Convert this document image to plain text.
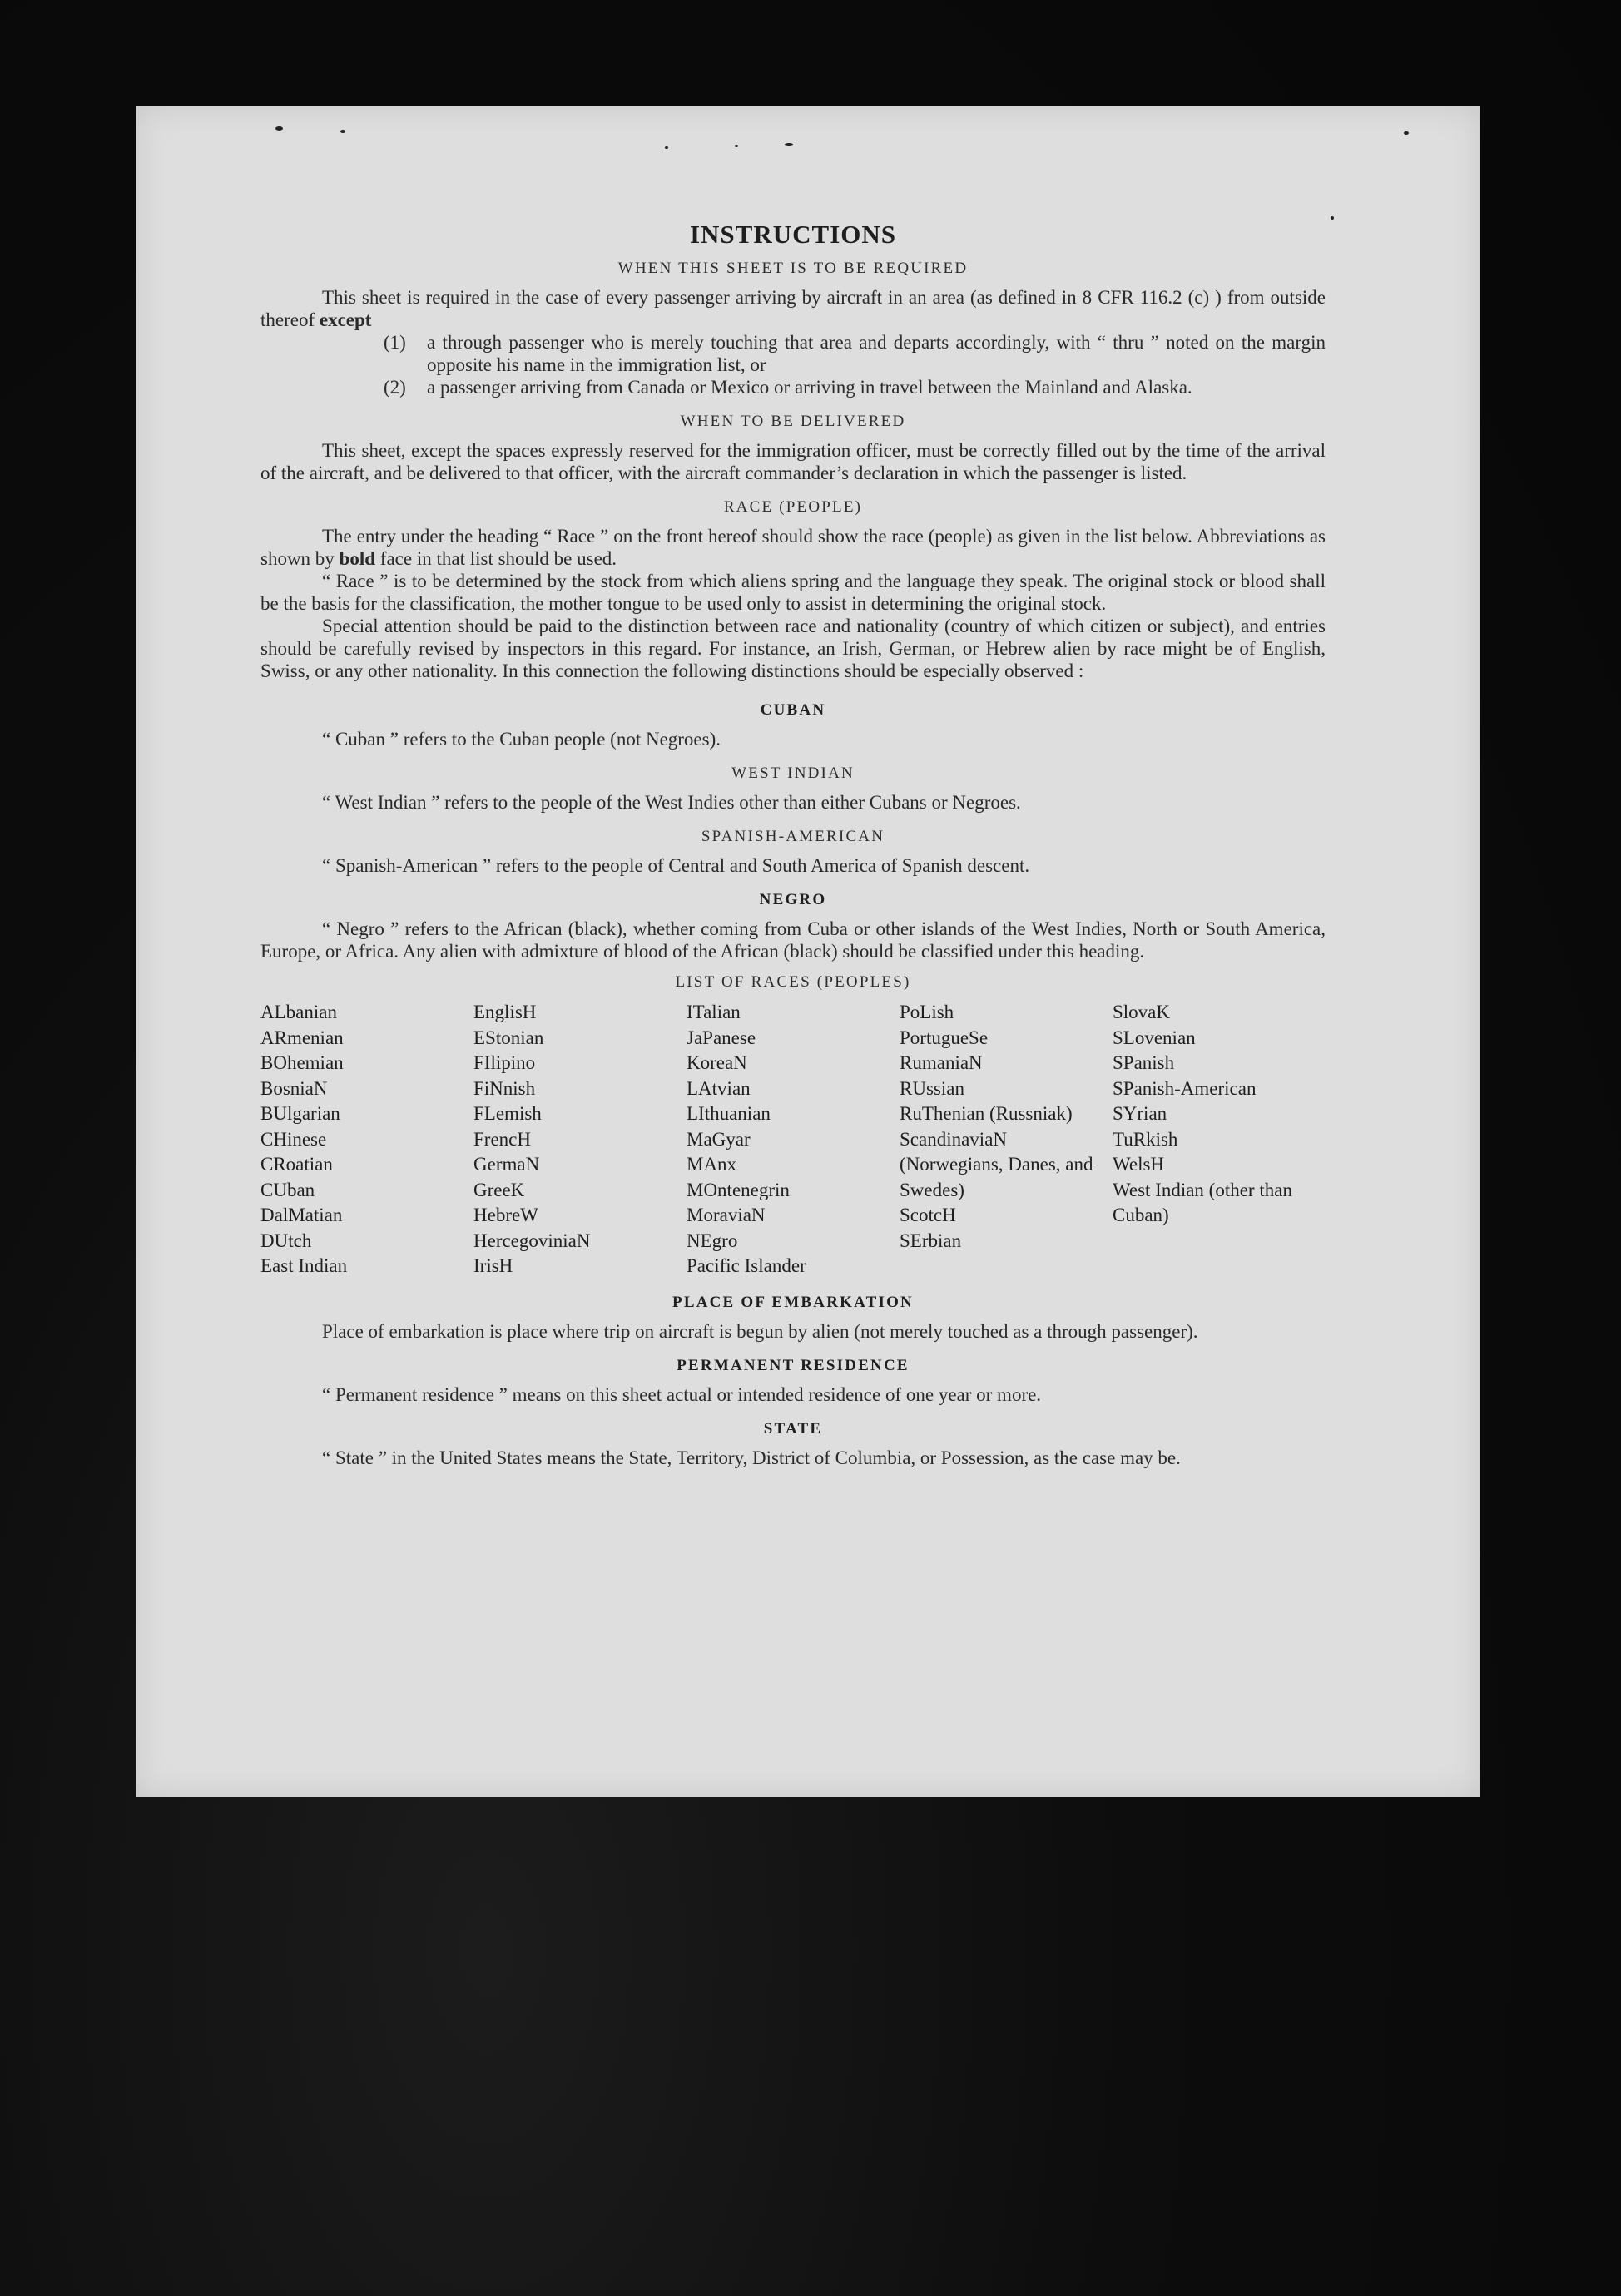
INSTRUCTIONS
WHEN THIS SHEET IS TO BE REQUIRED

This sheet is required in the case of every passenger arriving by aircraft in an area (as defined in 8 CFR 116.2 (c) ) from outside thereof except

(1) a through passenger who is merely touching that area and departs accordingly, with “ thru ” noted on the margin opposite his name in the immigration list, or
(2) a passenger arriving from Canada or Mexico or arriving in travel between the Mainland and Alaska.
WHEN TO BE DELIVERED

This sheet, except the spaces expressly reserved for the immigration officer, must be correctly filled out by the time of the arrival of the aircraft, and be delivered to that officer, with the aircraft commander’s declaration in which the passenger is listed.

RACE (PEOPLE)

The entry under the heading “ Race ” on the front hereof should show the race (people) as given in the list below. Abbreviations as shown by bold face in that list should be used.

“ Race ” is to be determined by the stock from which aliens spring and the language they speak. The original stock or blood shall be the basis for the classification, the mother tongue to be used only to assist in determining the original stock.

Special attention should be paid to the distinction between race and nationality (country of which citizen or subject), and entries should be carefully revised by inspectors in this regard. For instance, an Irish, German, or Hebrew alien by race might be of English, Swiss, or any other nationality. In this connection the following distinctions should be especially observed :

CUBAN

“ Cuban ” refers to the Cuban people (not Negroes).

WEST INDIAN

“ West Indian ” refers to the people of the West Indies other than either Cubans or Negroes.

SPANISH-AMERICAN

“ Spanish-American ” refers to the people of Central and South America of Spanish descent.

NEGRO

“ Negro ” refers to the African (black), whether coming from Cuba or other islands of the West Indies, North or South America, Europe, or Africa. Any alien with admixture of blood of the African (black) should be classified under this heading.

LIST OF RACES (PEOPLES)
ALbanian
ARmenian
BOhemian
BosniaN
BUlgarian
CHinese
CRoatian
CUban
DalMatian
DUtch
East Indian
EnglisH
EStonian
FIlipino
FiNnish
FLemish
FrencH
GermaN
GreeK
HebreW
HercegoviniaN
IrisH
ITalian
JaPanese
KoreaN
LAtvian
LIthuanian
MaGyar
MAnx
MOntenegrin
MoraviaN
NEgro
Pacific Islander
PoLish
PortugueSe
RumaniaN
RUssian
RuThenian (Russniak)
ScandinaviaN (Norwegians, Danes, and Swedes)
ScotcH
SErbian
SlovaK
SLovenian
SPanish
SPanish-American
SYrian
TuRkish
WelsH
West Indian (other than Cuban)
PLACE OF EMBARKATION

Place of embarkation is place where trip on aircraft is begun by alien (not merely touched as a through passenger).

PERMANENT RESIDENCE

“ Permanent residence ” means on this sheet actual or intended residence of one year or more.

STATE

“ State ” in the United States means the State, Territory, District of Columbia, or Possession, as the case may be.
